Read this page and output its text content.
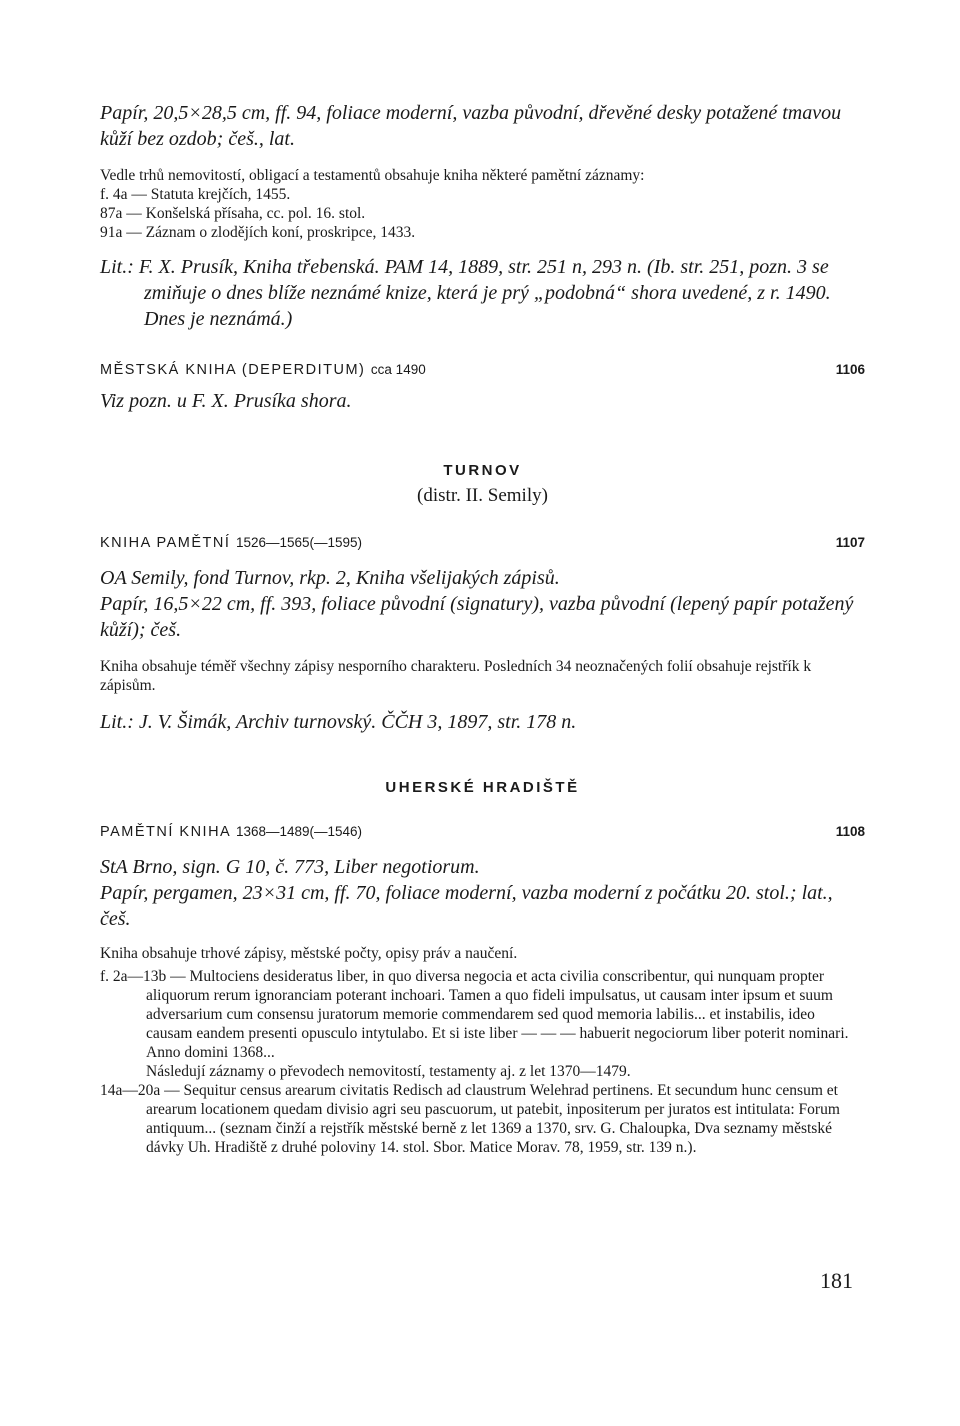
Papír, 20,5×28,5 cm, ff. 94, foliace moderní, vazba původní, dřevěné desky potažené tmavou kůží bez ozdob; češ., lat.

Vedle trhů nemovitostí, obligací a testamentů obsahuje kniha některé pamětní záznamy:

f. 4a — Statuta krejčích, 1455.

87a — Konšelská přísaha, cc. pol. 16. stol.

91a — Záznam o zlodějích koní, proskripce, 1433.

Lit.: F. X. Prusík, Kniha třebenská. PAM 14, 1889, str. 251 n, 293 n. (Ib. str. 251, pozn. 3 se zmiňuje o dnes blíže neznámé knize, která je prý „podobná“ shora uvedené, z r. 1490. Dnes je neznámá.)

MĚSTSKÁ KNIHA (DEPERDITUM) cca 1490	1106

Viz pozn. u F. X. Prusíka shora.

TURNOV

(distr. II. Semily)

KNIHA PAMĚTNÍ 1526—1565(—1595)	1107

OA Semily, fond Turnov, rkp. 2, Kniha všelijakých zápisů.

Papír, 16,5×22 cm, ff. 393, foliace původní (signatury), vazba původní (lepený papír potažený kůží); češ.

Kniha obsahuje téměř všechny zápisy nesporního charakteru. Posledních 34 neoznačených folií obsahuje rejstřík k zápisům.

Lit.: J. V. Šimák, Archiv turnovský. ČČH 3, 1897, str. 178 n.

UHERSKÉ HRADIŠTĚ

PAMĚTNÍ KNIHA 1368—1489(—1546)	1108

StA Brno, sign. G 10, č. 773, Liber negotiorum.

Papír, pergamen, 23×31 cm, ff. 70, foliace moderní, vazba moderní z počátku 20. stol.; lat., češ.

Kniha obsahuje trhové zápisy, městské počty, opisy práv a naučení.

f. 2a—13b — Multociens desideratus liber, in quo diversa negocia et acta civilia conscribentur, qui nunquam propter aliquorum rerum ignoranciam poterant inchoari. Tamen a quo fideli impulsatus, ut causam inter ipsum et suum adversarium cum consensu juratorum memorie commendarem sed quod memoria labilis... et instabilis, ideo causam eandem presenti opusculo intytulabo. Et si iste liber — — — habuerit negociorum liber poterit nominari. Anno domini 1368...

Následují záznamy o převodech nemovitostí, testamenty aj. z let 1370—1479.

14a—20a — Sequitur census arearum civitatis Redisch ad claustrum Welehrad pertinens. Et secundum hunc censum et arearum locationem quedam divisio agri seu pascuorum, ut patebit, inpositerum per juratos est intitulata: Forum antiquum... (seznam činží a rejstřík městské berně z let 1369 a 1370, srv. G. Chaloupka, Dva seznamy městské dávky Uh. Hradiště z druhé poloviny 14. stol. Sbor. Matice Morav. 78, 1959, str. 139 n.).

181
